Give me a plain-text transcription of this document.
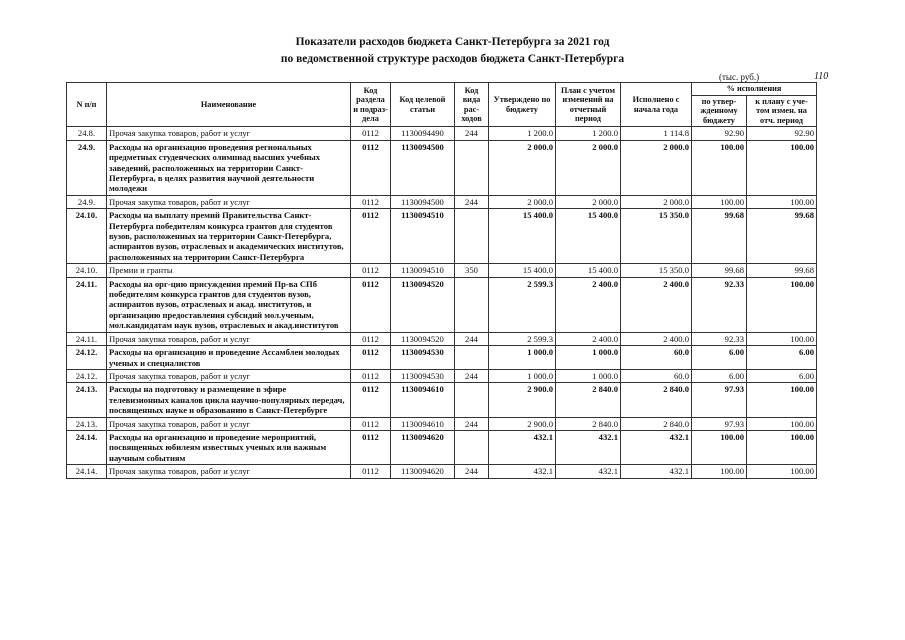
Показатели расходов бюджета Санкт-Петербурга за 2021 год
по ведомственной структуре расходов бюджета Санкт-Петербурга
(тыс. руб.)	110
N п/п	Наименование	Код раздела и подраз-дела	Код целевой статьи	Код вида рас-ходов	Утверждено по бюджету	План с учетом изменений на отчетный период	Исполнено с начала года	% исполнения	
								по утвер-жденному бюджету	к плану с уче-том измен. на отч. период
24.8.	Прочая закупка товаров, работ и услуг	0112	1130094490	244	1 200.0	1 200.0	1 114.8	92.90	92.90
24.9.	Расходы на организацию проведения региональных предметных студенческих олимпиад высших учебных заведений, расположенных на территории Санкт-Петербурга, в целях развития научной деятельности молодежи	0112	1130094500		2 000.0	2 000.0	2 000.0	100.00	100.00
24.9.	Прочая закупка товаров, работ и услуг	0112	1130094500	244	2 000.0	2 000.0	2 000.0	100.00	100.00
24.10.	Расходы на выплату премий Правительства Санкт-Петербурга победителям конкурса грантов для студентов вузов, расположенных на территории Санкт-Петербурга, аспирантов вузов, отраслевых и академических институтов, расположенных на территории Санкт-Петербурга	0112	1130094510		15 400.0	15 400.0	15 350.0	99.68	99.68
24.10.	Премии и гранты	0112	1130094510	350	15 400.0	15 400.0	15 350.0	99.68	99.68
24.11.	Расходы на орг-цию присуждения премий Пр-ва СПб победителям конкурса грантов для студентов вузов, аспирантов вузов, отраслевых и акад. институтов, и организацию предоставления субсидий мол.ученым, мол.кандидатам наук вузов, отраслевых и акад.институтов	0112	1130094520		2 599.3	2 400.0	2 400.0	92.33	100.00
24.11.	Прочая закупка товаров, работ и услуг	0112	1130094520	244	2 599.3	2 400.0	2 400.0	92.33	100.00
24.12.	Расходы на организацию и проведение Ассамблеи молодых ученых и специалистов	0112	1130094530		1 000.0	1 000.0	60.0	6.00	6.00
24.12.	Прочая закупка товаров, работ и услуг	0112	1130094530	244	1 000.0	1 000.0	60.0	6.00	6.00
24.13.	Расходы на подготовку и размещение в эфире телевизионных каналов цикла научно-популярных передач, посвященных науке и образованию в Санкт-Петербурге	0112	1130094610		2 900.0	2 840.0	2 840.0	97.93	100.00
24.13.	Прочая закупка товаров, работ и услуг	0112	1130094610	244	2 900.0	2 840.0	2 840.0	97.93	100.00
24.14.	Расходы на организацию и проведение мероприятий, посвященных юбилеям известных ученых или важным научным событиям	0112	1130094620		432.1	432.1	432.1	100.00	100.00
24.14.	Прочая закупка товаров, работ и услуг	0112	1130094620	244	432.1	432.1	432.1	100.00	100.00
